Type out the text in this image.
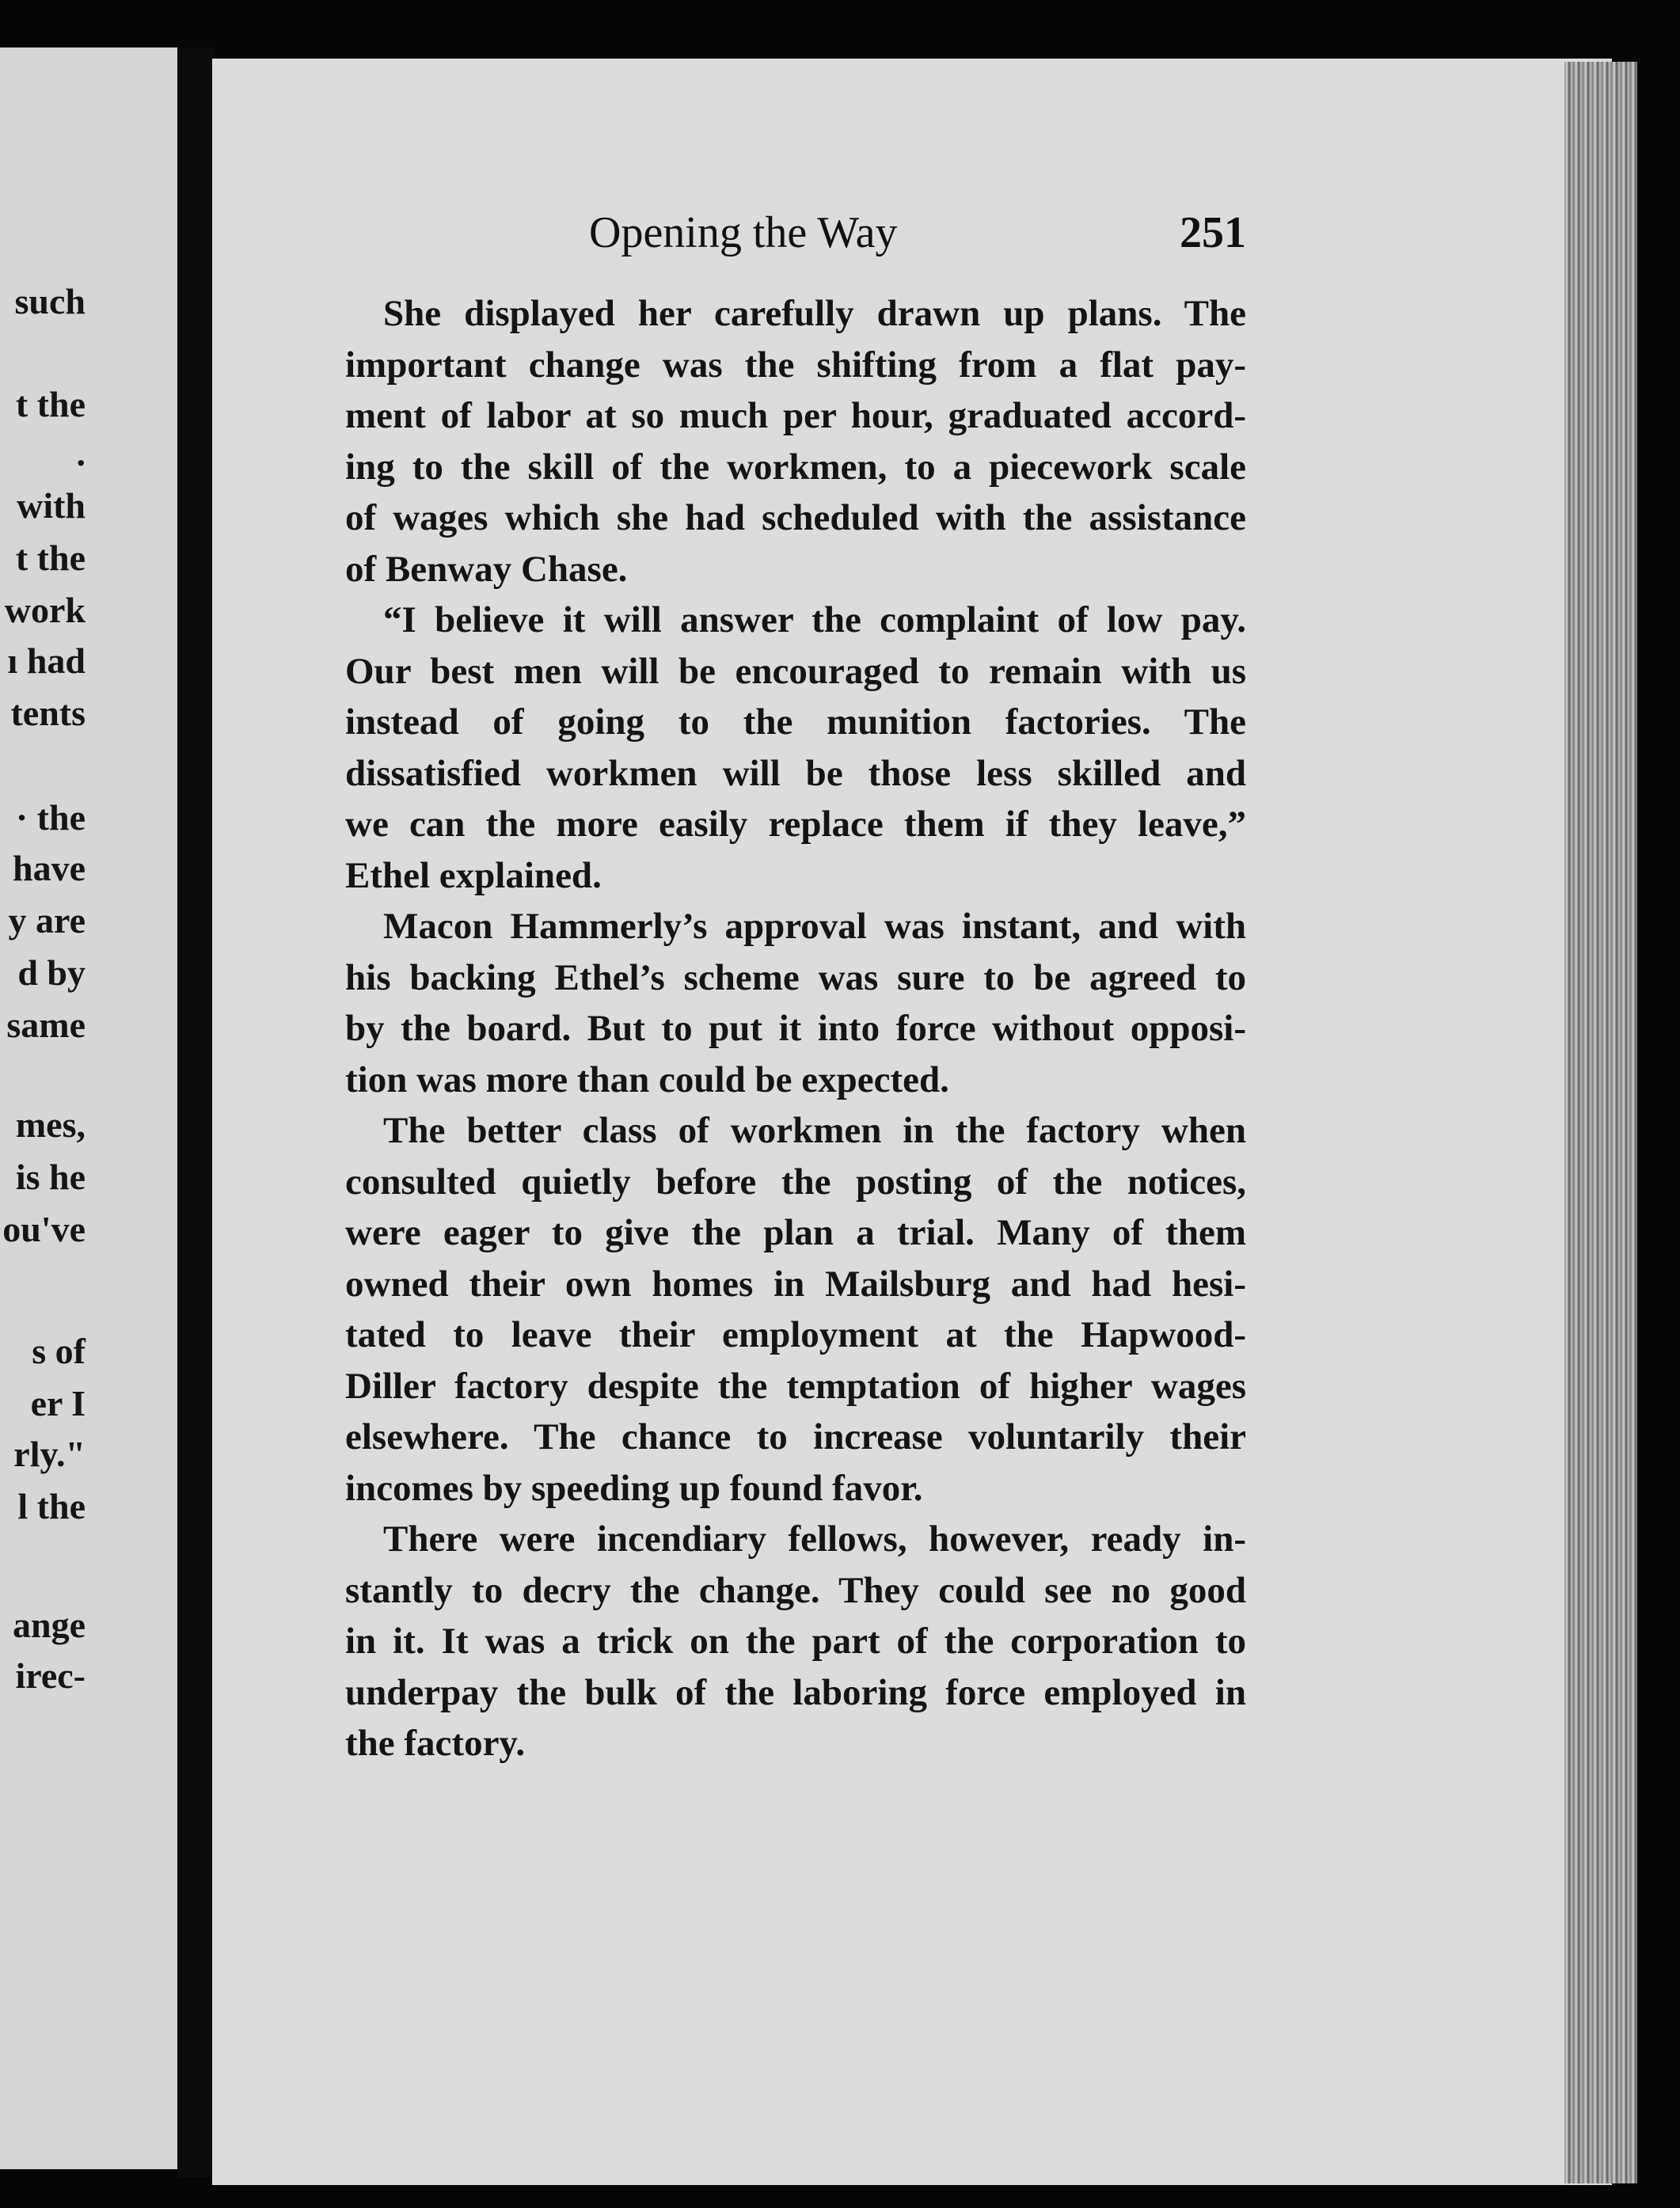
such
t the
.
with
t the
work
ı had
tents
· the
have
y are
d by
same
mes,
is he
ou've
s of
er I
rly."
l the
ange
irec-
Opening the Way	251

She displayed her carefully drawn up plans. The
important change was the shifting from a flat pay-
ment of labor at so much per hour, graduated accord-
ing to the skill of the workmen, to a piecework scale
of wages which she had scheduled with the assistance
of Benway Chase.

“I believe it will answer the complaint of low pay.
Our best men will be encouraged to remain with us
instead of going to the munition factories. The
dissatisfied workmen will be those less skilled and
we can the more easily replace them if they leave,”
Ethel explained.

Macon Hammerly’s approval was instant, and with
his backing Ethel’s scheme was sure to be agreed to
by the board. But to put it into force without opposi-
tion was more than could be expected.

The better class of workmen in the factory when
consulted quietly before the posting of the notices,
were eager to give the plan a trial. Many of them
owned their own homes in Mailsburg and had hesi-
tated to leave their employment at the Hapwood-
Diller factory despite the temptation of higher wages
elsewhere. The chance to increase voluntarily their
incomes by speeding up found favor.

There were incendiary fellows, however, ready in-
stantly to decry the change. They could see no good
in it. It was a trick on the part of the corporation to
underpay the bulk of the laboring force employed in
the factory.
